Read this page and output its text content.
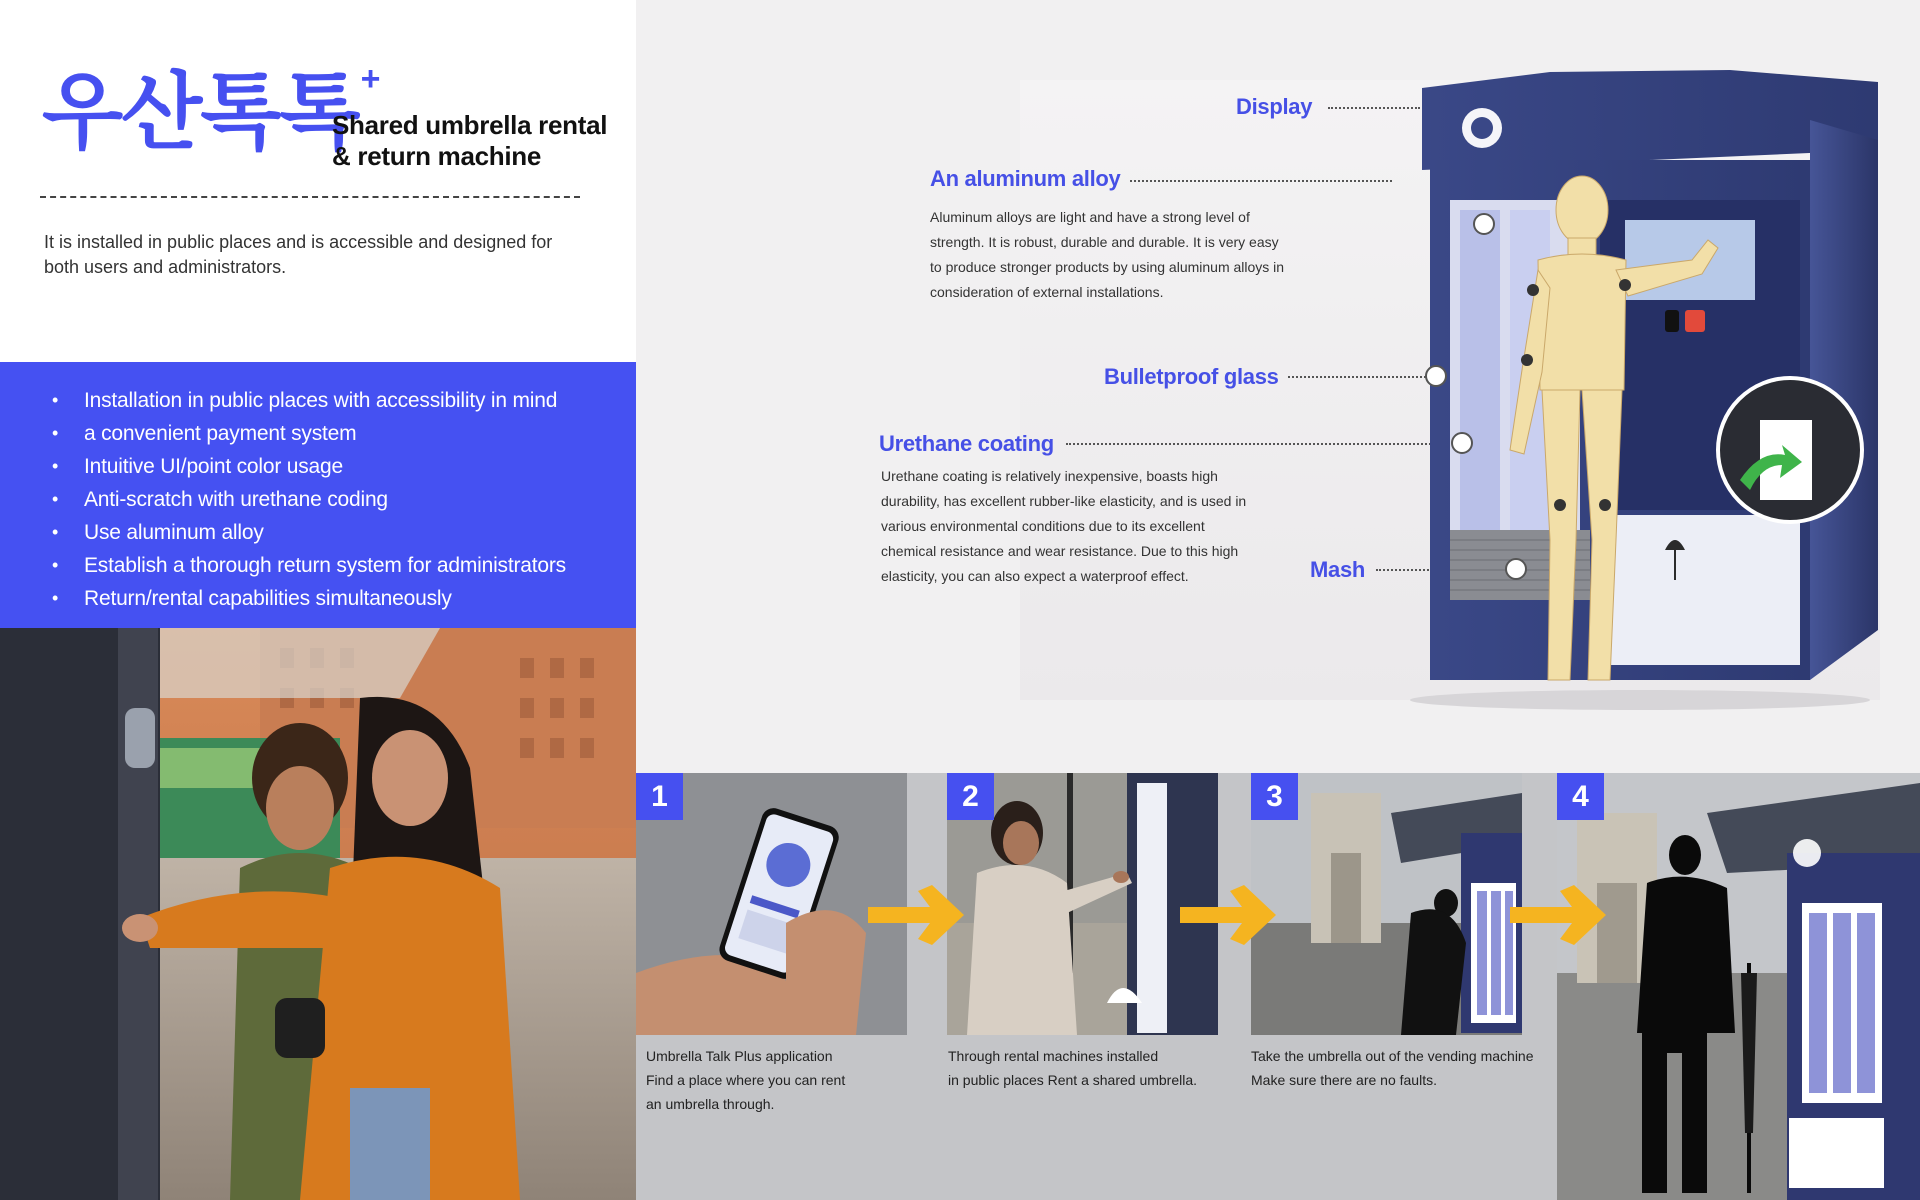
우산톡톡 +
Shared umbrella rental
& return machine
It is installed in public places and is accessible and designed for both users and administrators.
• Installation in public places with accessibility in mind
• a convenient payment system
• Intuitive UI/point color usage
• Anti-scratch with urethane coding
• Use aluminum alloy
• Establish a thorough return system for administrators
• Return/rental capabilities simultaneously
Display
An aluminum alloy
Aluminum alloys are light and have a strong level of strength. It is robust, durable and durable. It is very easy to produce stronger products by using aluminum alloys in consideration of external installations.
Bulletproof glass
Urethane coating
Urethane coating is relatively inexpensive, boasts high durability, has excellent rubber-like elasticity, and is used in various environmental conditions due to its excellent chemical resistance and wear resistance. Due to this high elasticity, you can also expect a waterproof effect.	Mash
1	2	3	4
Umbrella Talk Plus application
Find a place where you can rent
an umbrella through.
Through rental machines installed
in public places Rent a shared umbrella.
Take the umbrella out of the vending machine
Make sure there are no faults.
